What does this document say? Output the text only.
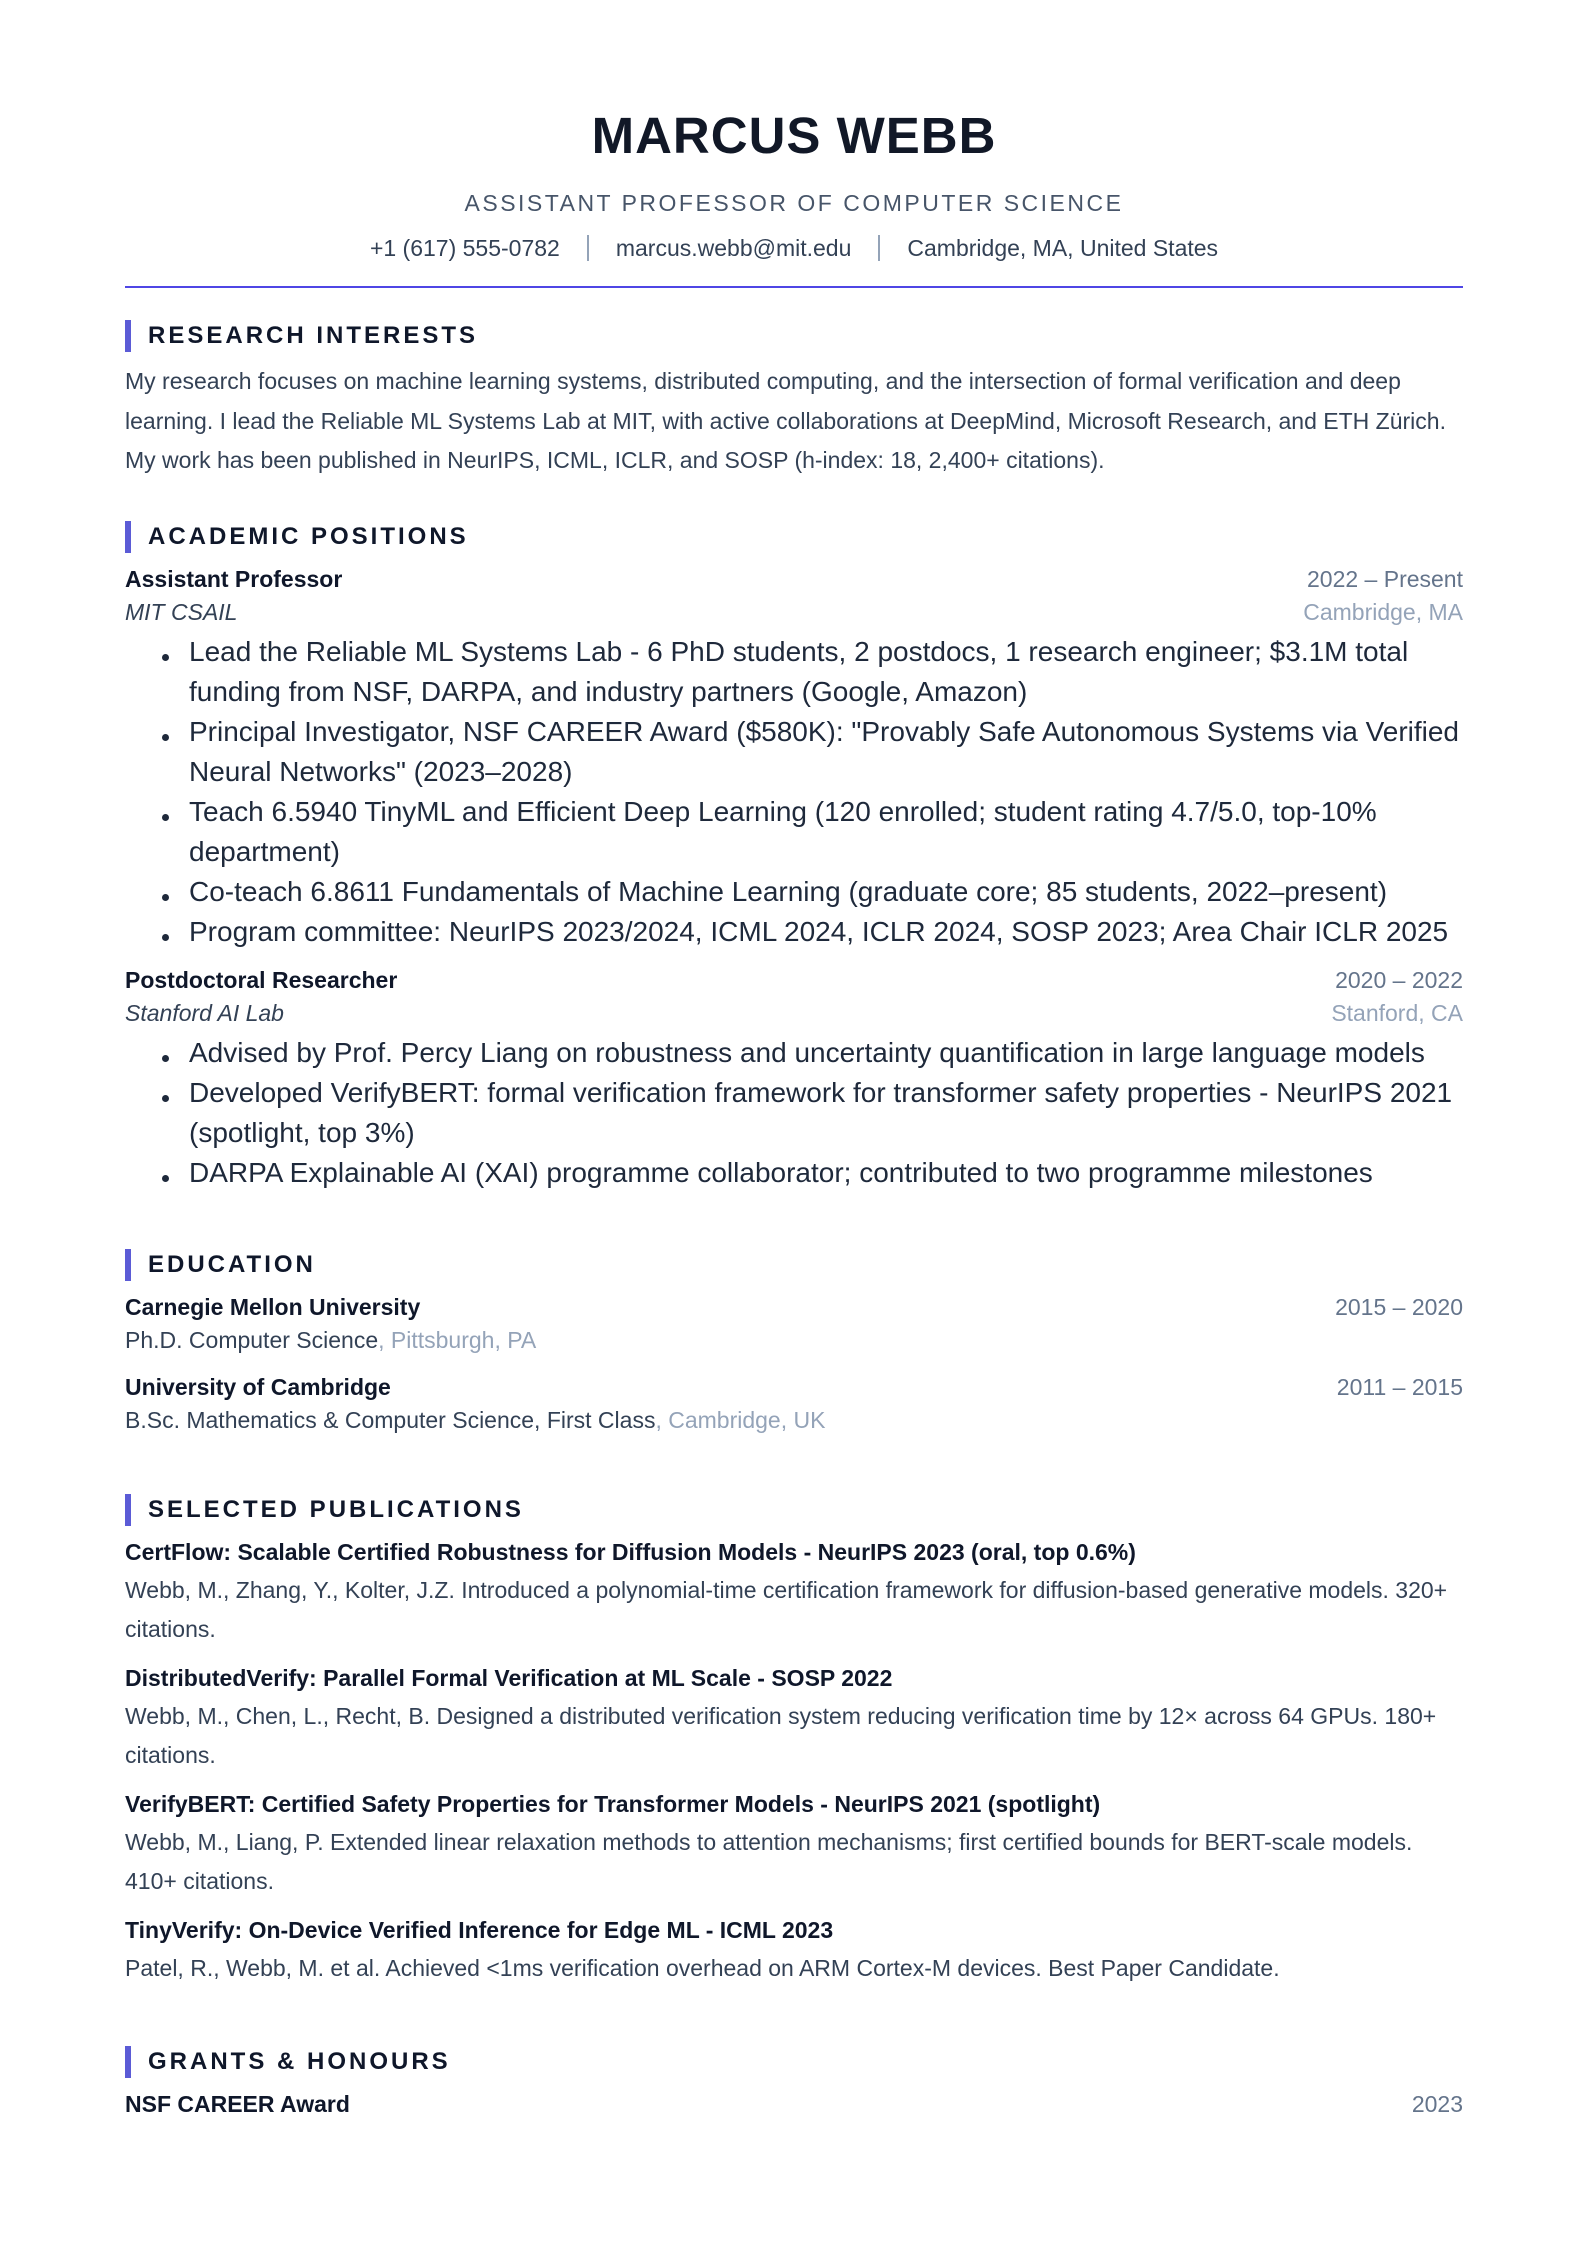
MARCUS WEBB
ASSISTANT PROFESSOR OF COMPUTER SCIENCE
+1 (617) 555-0782 marcus.webb@mit.edu Cambridge, MA, United States
RESEARCH INTERESTS
My research focuses on machine learning systems, distributed computing, and the intersection of formal verification and deep learning. I lead the Reliable ML Systems Lab at MIT, with active collaborations at DeepMind, Microsoft Research, and ETH Zürich. My work has been published in NeurIPS, ICML, ICLR, and SOSP (h-index: 18, 2,400+ citations).
ACADEMIC POSITIONS
Assistant Professor	2022 – Present
MIT CSAIL	Cambridge, MA
Lead the Reliable ML Systems Lab - 6 PhD students, 2 postdocs, 1 research engineer; $3.1M total funding from NSF, DARPA, and industry partners (Google, Amazon)
Principal Investigator, NSF CAREER Award ($580K): "Provably Safe Autonomous Systems via Verified Neural Networks" (2023–2028)
Teach 6.5940 TinyML and Efficient Deep Learning (120 enrolled; student rating 4.7/5.0, top-10% department)
Co-teach 6.8611 Fundamentals of Machine Learning (graduate core; 85 students, 2022–present)
Program committee: NeurIPS 2023/2024, ICML 2024, ICLR 2024, SOSP 2023; Area Chair ICLR 2025
Postdoctoral Researcher	2020 – 2022
Stanford AI Lab	Stanford, CA
Advised by Prof. Percy Liang on robustness and uncertainty quantification in large language models
Developed VerifyBERT: formal verification framework for transformer safety properties - NeurIPS 2021 (spotlight, top 3%)
DARPA Explainable AI (XAI) programme collaborator; contributed to two programme milestones
EDUCATION
Carnegie Mellon University	2015 – 2020
Ph.D. Computer Science, Pittsburgh, PA
University of Cambridge	2011 – 2015
B.Sc. Mathematics & Computer Science, First Class, Cambridge, UK
SELECTED PUBLICATIONS
CertFlow: Scalable Certified Robustness for Diffusion Models - NeurIPS 2023 (oral, top 0.6%)
Webb, M., Zhang, Y., Kolter, J.Z. Introduced a polynomial-time certification framework for diffusion-based generative models. 320+ citations.
DistributedVerify: Parallel Formal Verification at ML Scale - SOSP 2022
Webb, M., Chen, L., Recht, B. Designed a distributed verification system reducing verification time by 12× across 64 GPUs. 180+ citations.
VerifyBERT: Certified Safety Properties for Transformer Models - NeurIPS 2021 (spotlight)
Webb, M., Liang, P. Extended linear relaxation methods to attention mechanisms; first certified bounds for BERT-scale models. 410+ citations.
TinyVerify: On-Device Verified Inference for Edge ML - ICML 2023
Patel, R., Webb, M. et al. Achieved <1ms verification overhead on ARM Cortex-M devices. Best Paper Candidate.
GRANTS & HONOURS
NSF CAREER Award	2023
